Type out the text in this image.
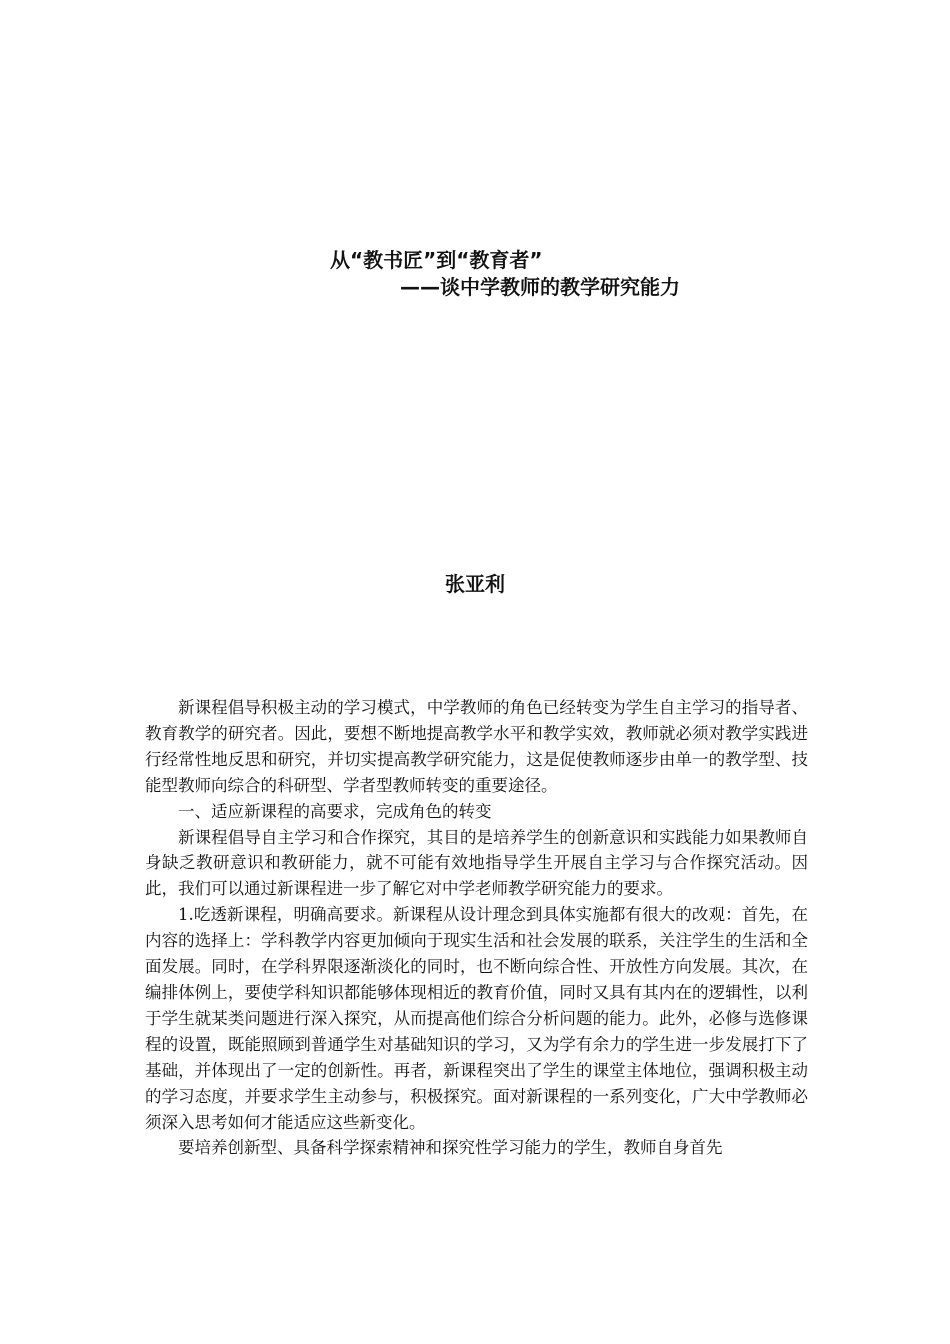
从“教书匠”到“教育者”
——谈中学教师的教学研究能力
张亚利

新课程倡导积极主动的学习模式，中学教师的角色已经转变为学生自主学习的指导者、教育教学的研究者。因此，要想不断地提高教学水平和教学实效，教师就必须对教学实践进行经常性地反思和研究，并切实提高教学研究能力，这是促使教师逐步由单一的教学型、技能型教师向综合的科研型、学者型教师转变的重要途径。

一、适应新课程的高要求，完成角色的转变

新课程倡导自主学习和合作探究，其目的是培养学生的创新意识和实践能力如果教师自身缺乏教研意识和教研能力，就不可能有效地指导学生开展自主学习与合作探究活动。因此，我们可以通过新课程进一步了解它对中学老师教学研究能力的要求。

1.吃透新课程，明确高要求。新课程从设计理念到具体实施都有很大的改观：首先，在内容的选择上：学科教学内容更加倾向于现实生活和社会发展的联系，关注学生的生活和全面发展。同时，在学科界限逐渐淡化的同时，也不断向综合性、开放性方向发展。其次，在编排体例上，要使学科知识都能够体现相近的教育价值，同时又具有其内在的逻辑性，以利于学生就某类问题进行深入探究，从而提高他们综合分析问题的能力。此外，必修与选修课程的设置，既能照顾到普通学生对基础知识的学习，又为学有余力的学生进一步发展打下了基础，并体现出了一定的创新性。再者，新课程突出了学生的课堂主体地位，强调积极主动的学习态度，并要求学生主动参与，积极探究。面对新课程的一系列变化，广大中学教师必须深入思考如何才能适应这些新变化。

要培养创新型、具备科学探索精神和探究性学习能力的学生，教师自身首先
